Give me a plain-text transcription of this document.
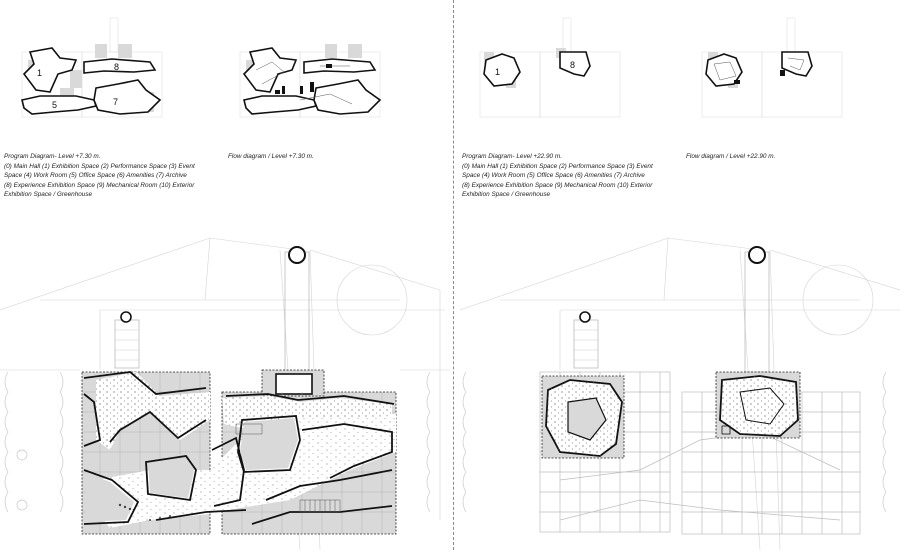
1
8
5	7
1
8
Program Diagram- Level +7.30 m.
(0) Main Hall (1) Exhibition Space (2) Performance Space (3) Event
Space (4) Work Room (5) Office Space (6) Amenities (7) Archive
(8) Experience Exhibition Space (9) Mechanical Room (10) Exterior
Exhibition Space / Greenhouse
Flow diagram / Level +7.30 m.	Program Diagram- Level +22.90 m.
(0) Main Hall (1) Exhibition Space (2) Performance Space (3) Event
Space (4) Work Room (5) Office Space (6) Amenities (7) Archive
(8) Experience Exhibition Space (9) Mechanical Room (10) Exterior
Exhibition Space / Greenhouse
Flow diagram / Level +22.90 m.
